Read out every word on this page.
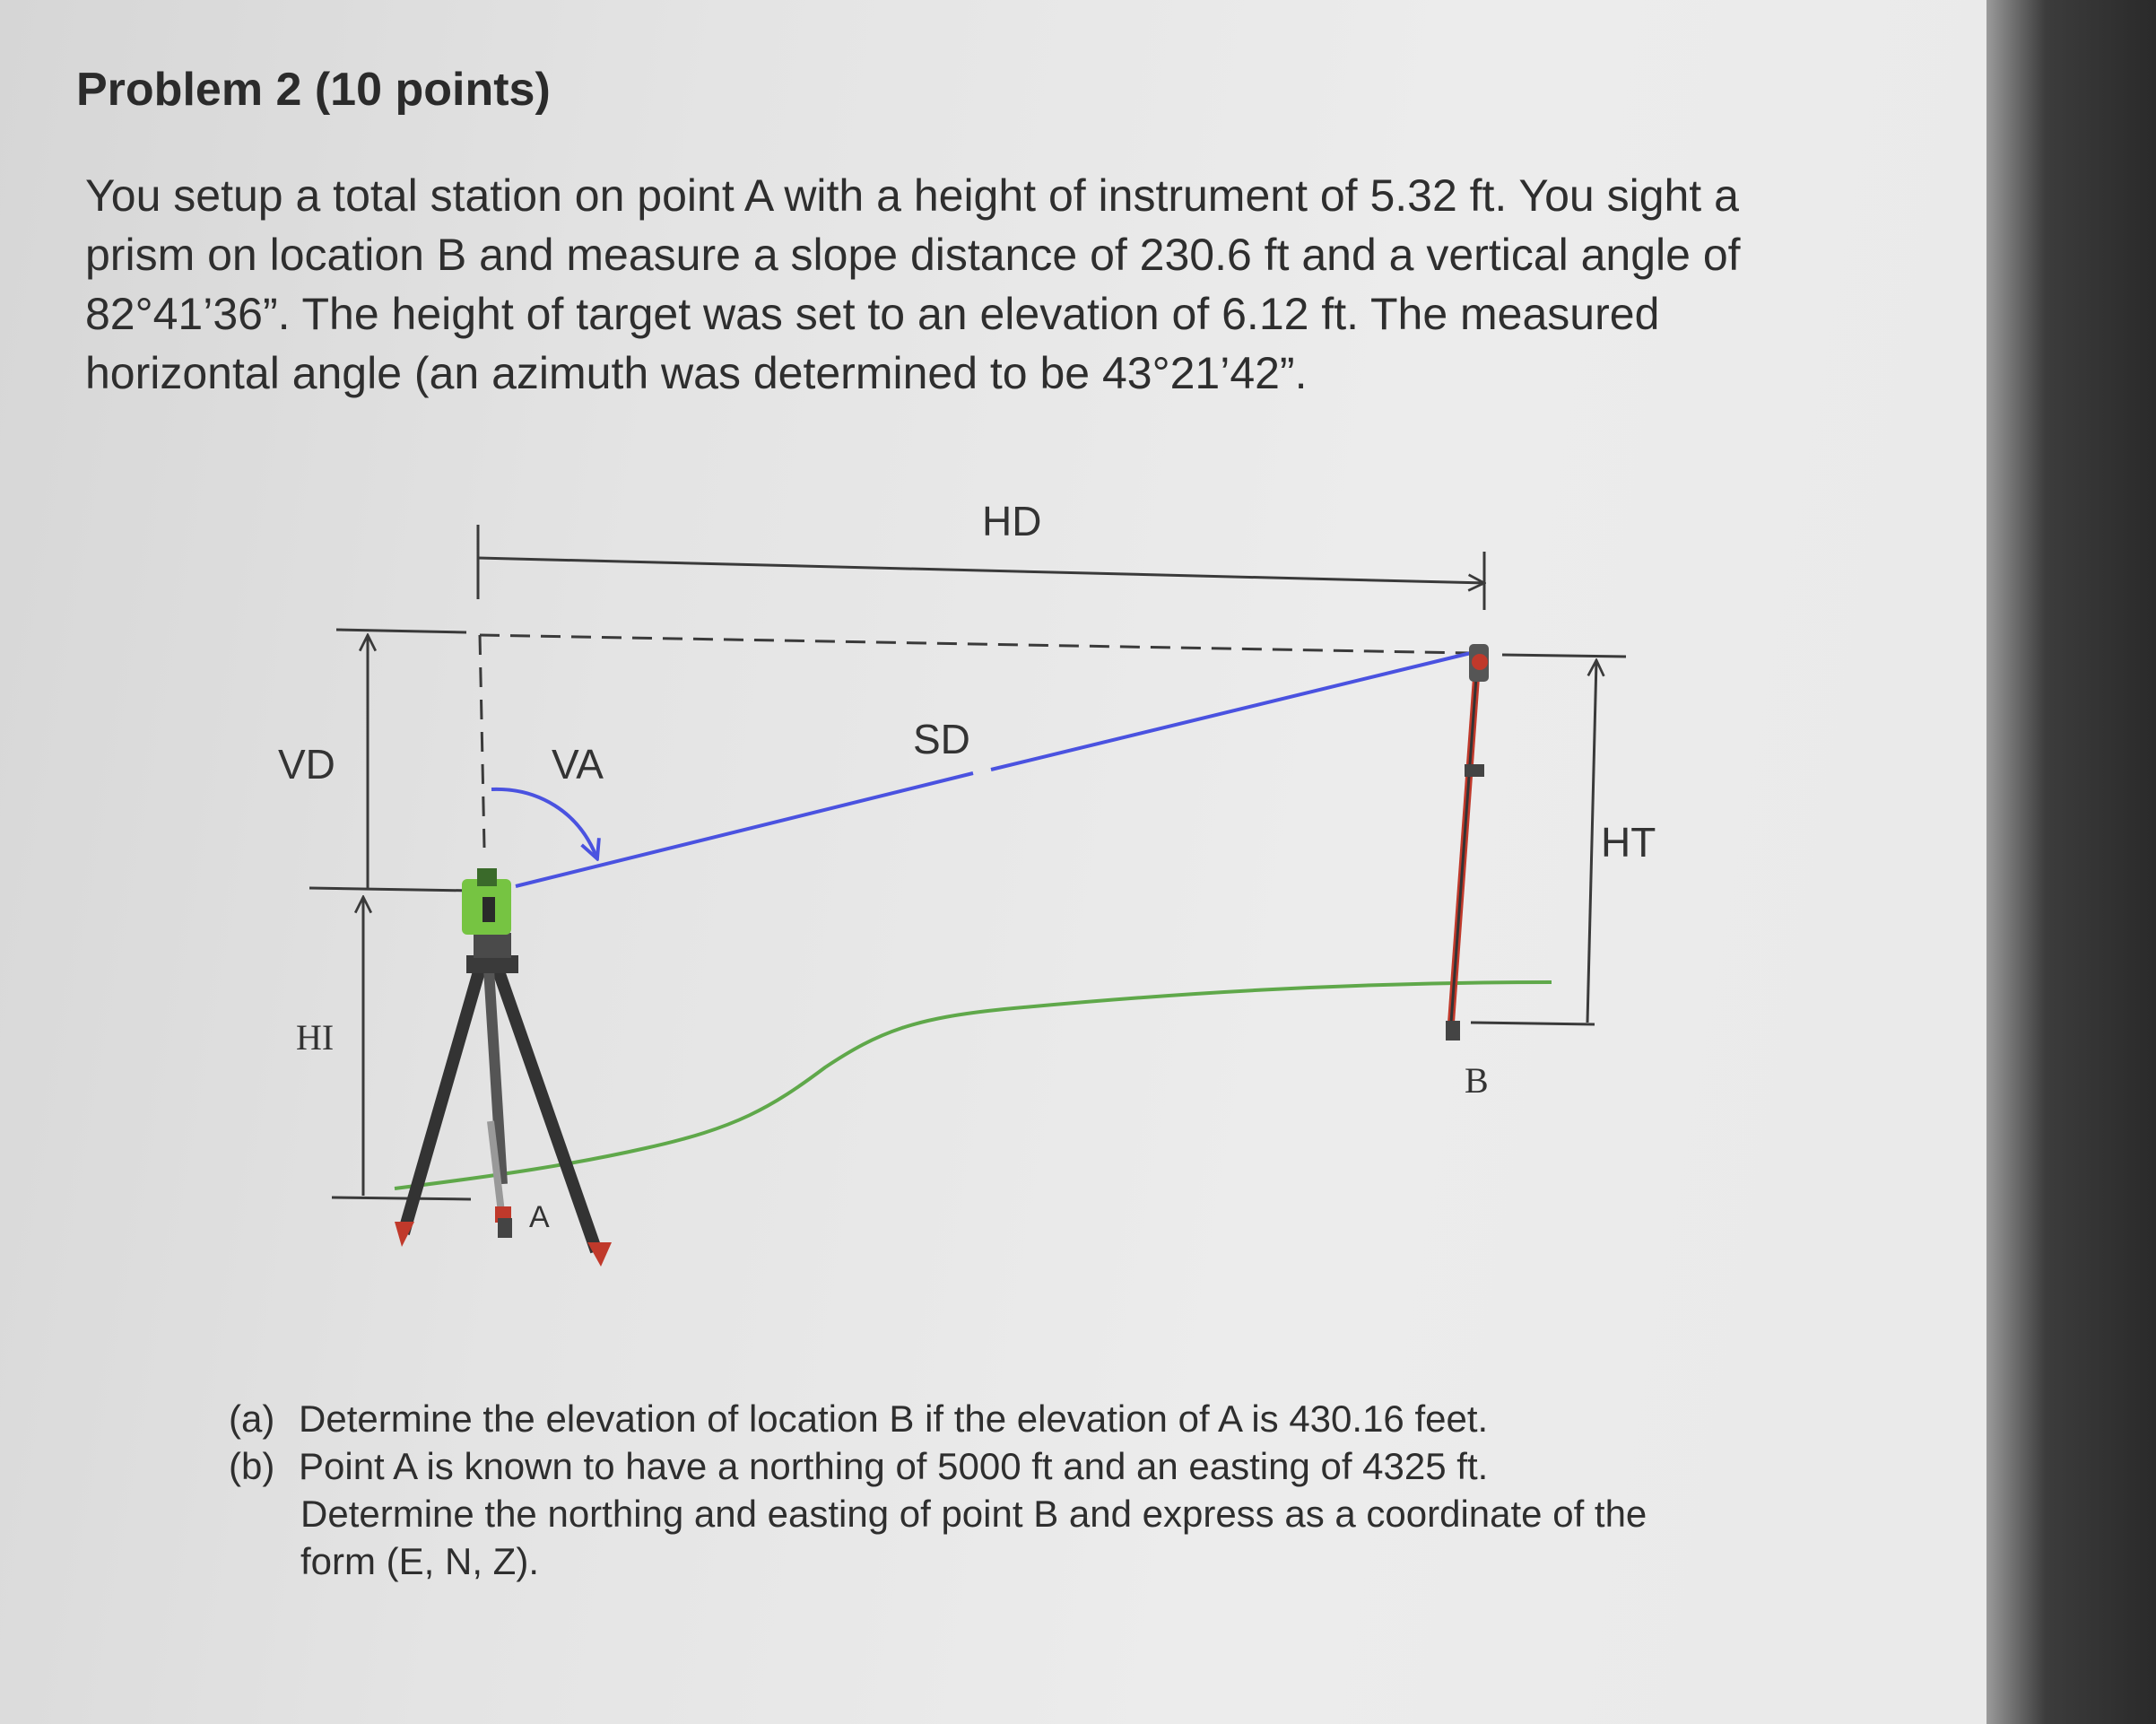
Problem 2 (10 points)
You setup a total station on point A with a height of instrument of 5.32 ft. You sight a
prism on location B and measure a slope distance of 230.6 ft and a vertical angle of
82°41’36”. The height of target was set to an elevation of 6.12 ft. The measured
horizontal angle (an azimuth was determined to be 43°21’42”.
HD
VD
HI
SD
VA
A
B
HT
(a) Determine the elevation of location B if the elevation of A is 430.16 feet.
(b) Point A is known to have a northing of 5000 ft and an easting of 4325 ft.
Determine the northing and easting of point B and express as a coordinate of the
form (E, N, Z).
